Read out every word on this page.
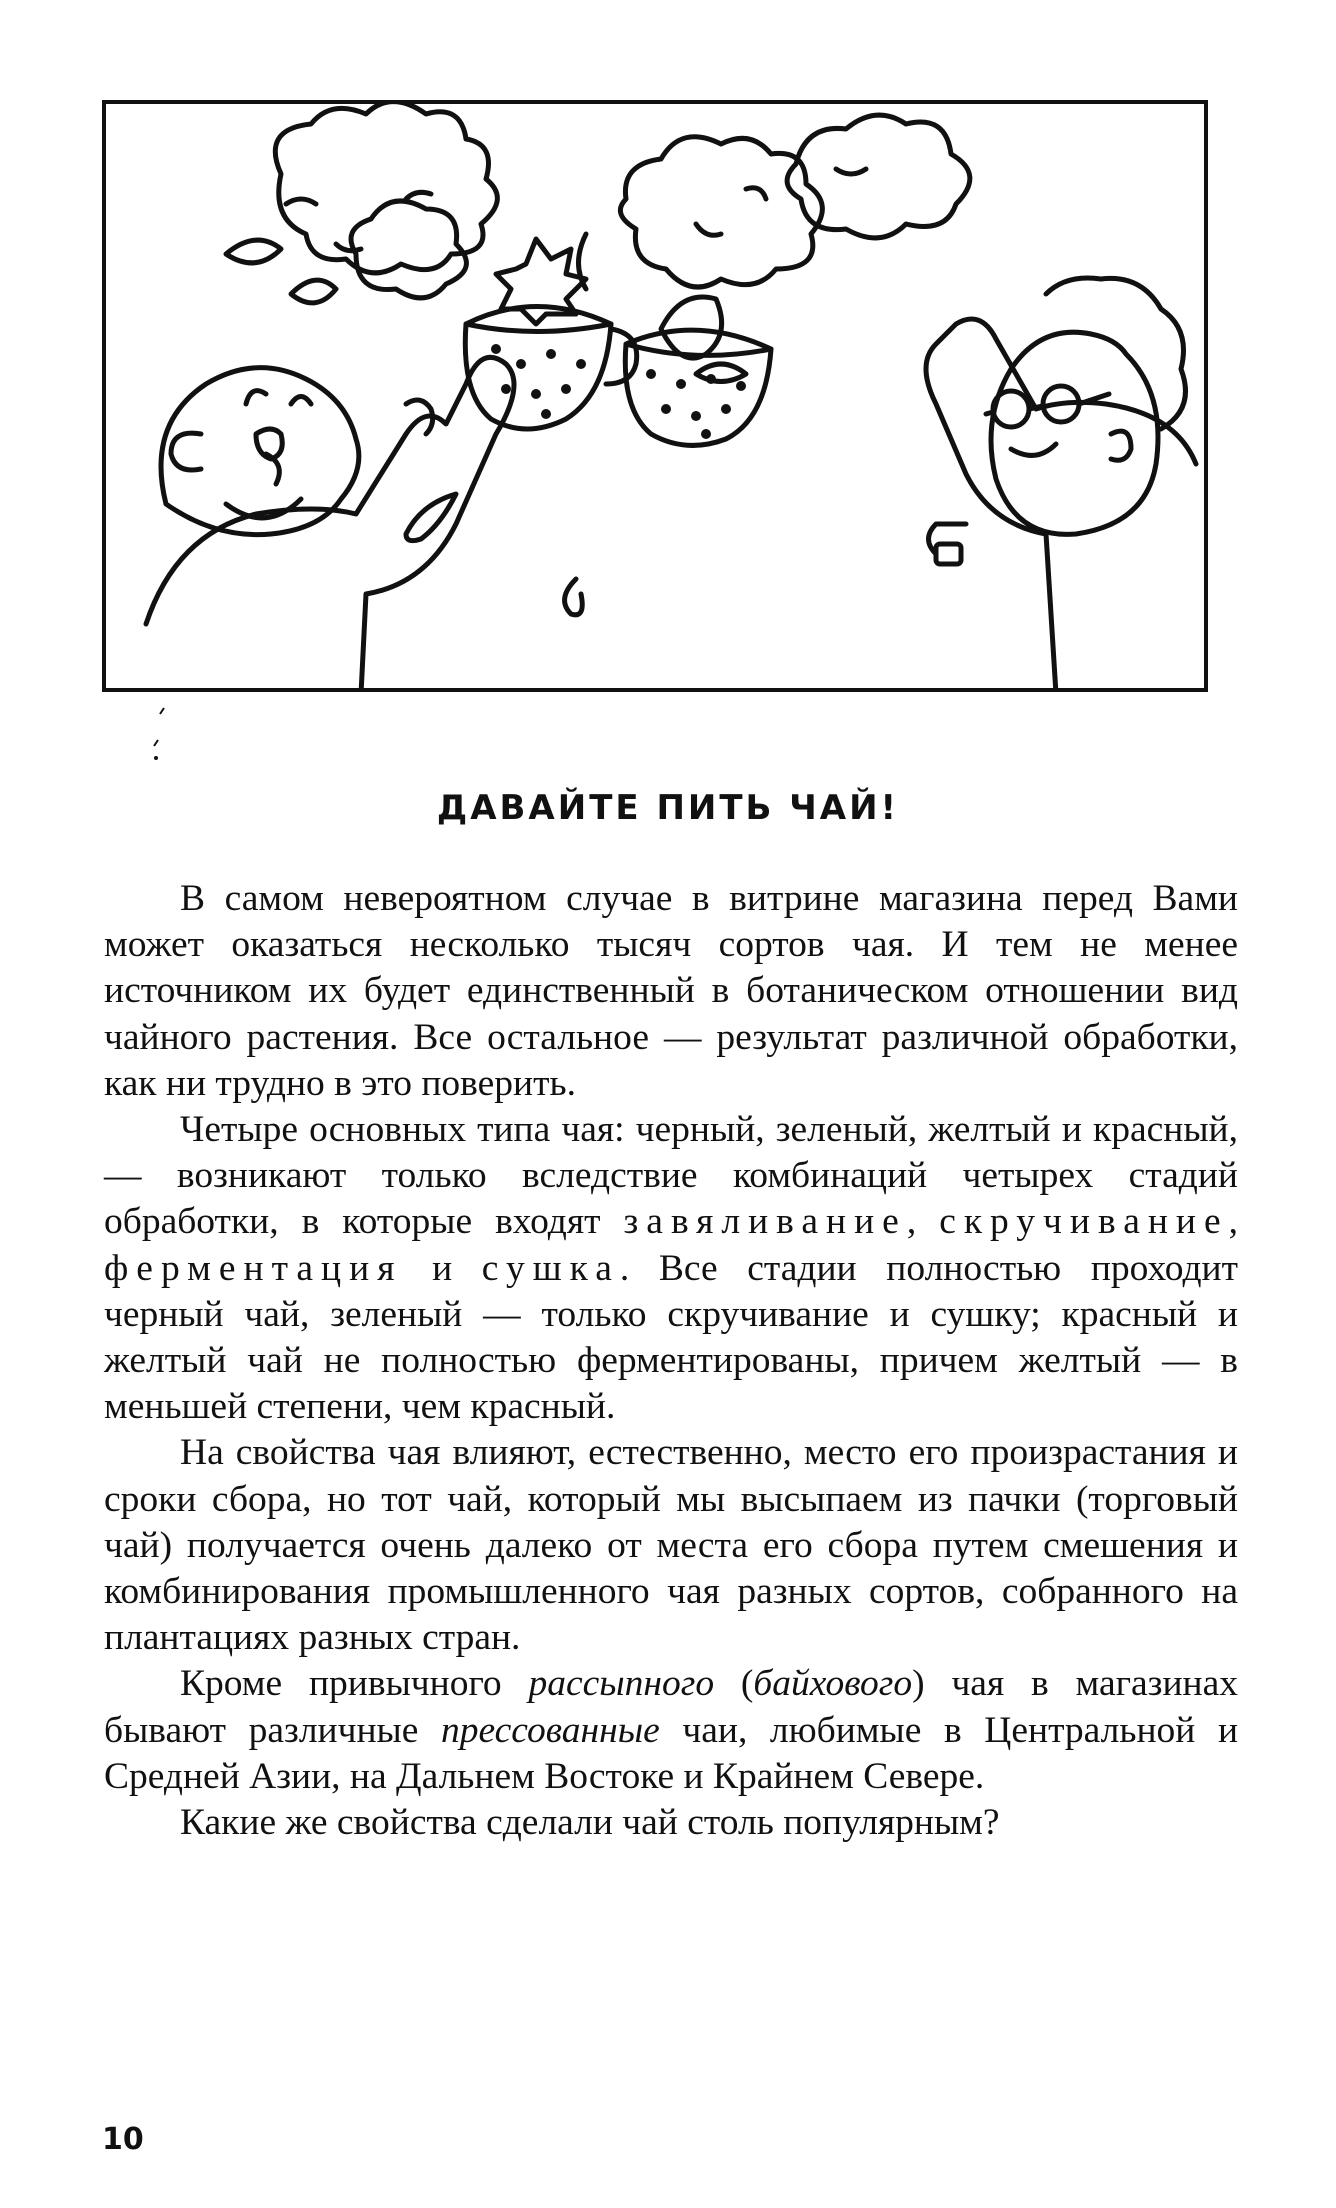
ДАВАЙТЕ ПИТЬ ЧАЙ!

В самом невероятном случае в витрине магазина перед Вами может оказаться несколько тысяч сортов чая. И тем не менее источником их будет единственный в ботаническом отношении вид чайного растения. Все остальное — результат различной обработки, как ни трудно в это поверить.

Четыре основных типа чая: черный, зеленый, желтый и красный, — возникают только вследствие комбинаций четырех стадий обработки, в которые входят завяливание, скручивание, ферментация и сушка. Все стадии полностью проходит черный чай, зеленый — только скручивание и сушку; красный и желтый чай не полностью ферментированы, причем желтый — в меньшей степени, чем красный.

На свойства чая влияют, естественно, место его произрастания и сроки сбора, но тот чай, который мы высыпаем из пачки (торговый чай) получается очень далеко от места его сбора путем смешения и комбинирования промышленного чая разных сортов, собранного на плантациях разных стран.

Кроме привычного рассыпного (байхового) чая в магазинах бывают различные прессованные чаи, любимые в Центральной и Средней Азии, на Дальнем Востоке и Крайнем Севере.

Какие же свойства сделали чай столь популярным?

10
